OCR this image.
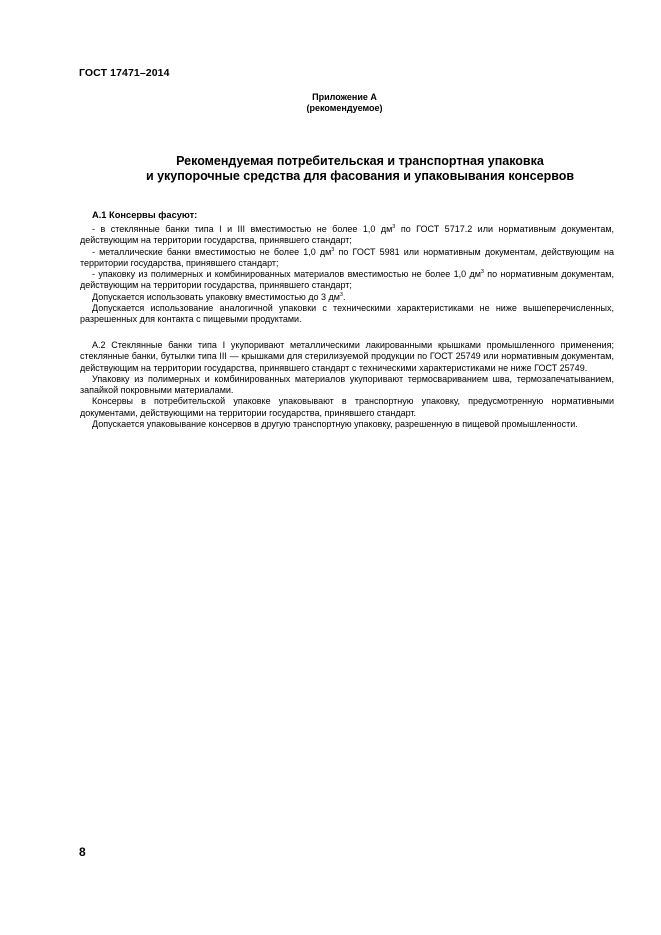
ГОСТ 17471–2014
Приложение А
(рекомендуемое)
Рекомендуемая потребительская и транспортная упаковка
и укупорочные средства для фасования и упаковывания консервов
А.1 Консервы фасуют:

- в стеклянные банки типа I и III вместимостью не более 1,0 $дм^3$ по ГОСТ 5717.2 или нормативным документам, действующим на территории государства, принявшего стандарт;

- металлические банки вместимостью не более 1,0 $дм^3$ по ГОСТ 5981 или нормативным документам, действующим на территории государства, принявшего стандарт;

- упаковку из полимерных и комбинированных материалов вместимостью не более 1,0 $дм^3$ по нормативным документам, действующим на территории государства, принявшего стандарт;

Допускается использовать упаковку вместимостью до 3 $дм^3$.

Допускается использование аналогичной упаковки с техническими характеристиками не ниже вышеперечисленных, разрешенных для контакта с пищевыми продуктами.

А.2 Стеклянные банки типа I укупоривают металлическими лакированными крышками промышленного применения; стеклянные банки, бутылки типа III — крышками для стерилизуемой продукции по ГОСТ 25749 или нормативным документам, действующим на территории государства, принявшего стандарт с техническими характеристиками не ниже ГОСТ 25749.

Упаковку из полимерных и комбинированных материалов укупоривают термосвариванием шва, термозапечатыванием, запайкой покровными материалами.

Консервы в потребительской упаковке упаковывают в транспортную упаковку, предусмотренную нормативными документами, действующими на территории государства, принявшего стандарт.

Допускается упаковывание консервов в другую транспортную упаковку, разрешенную в пищевой промышленности.

8
